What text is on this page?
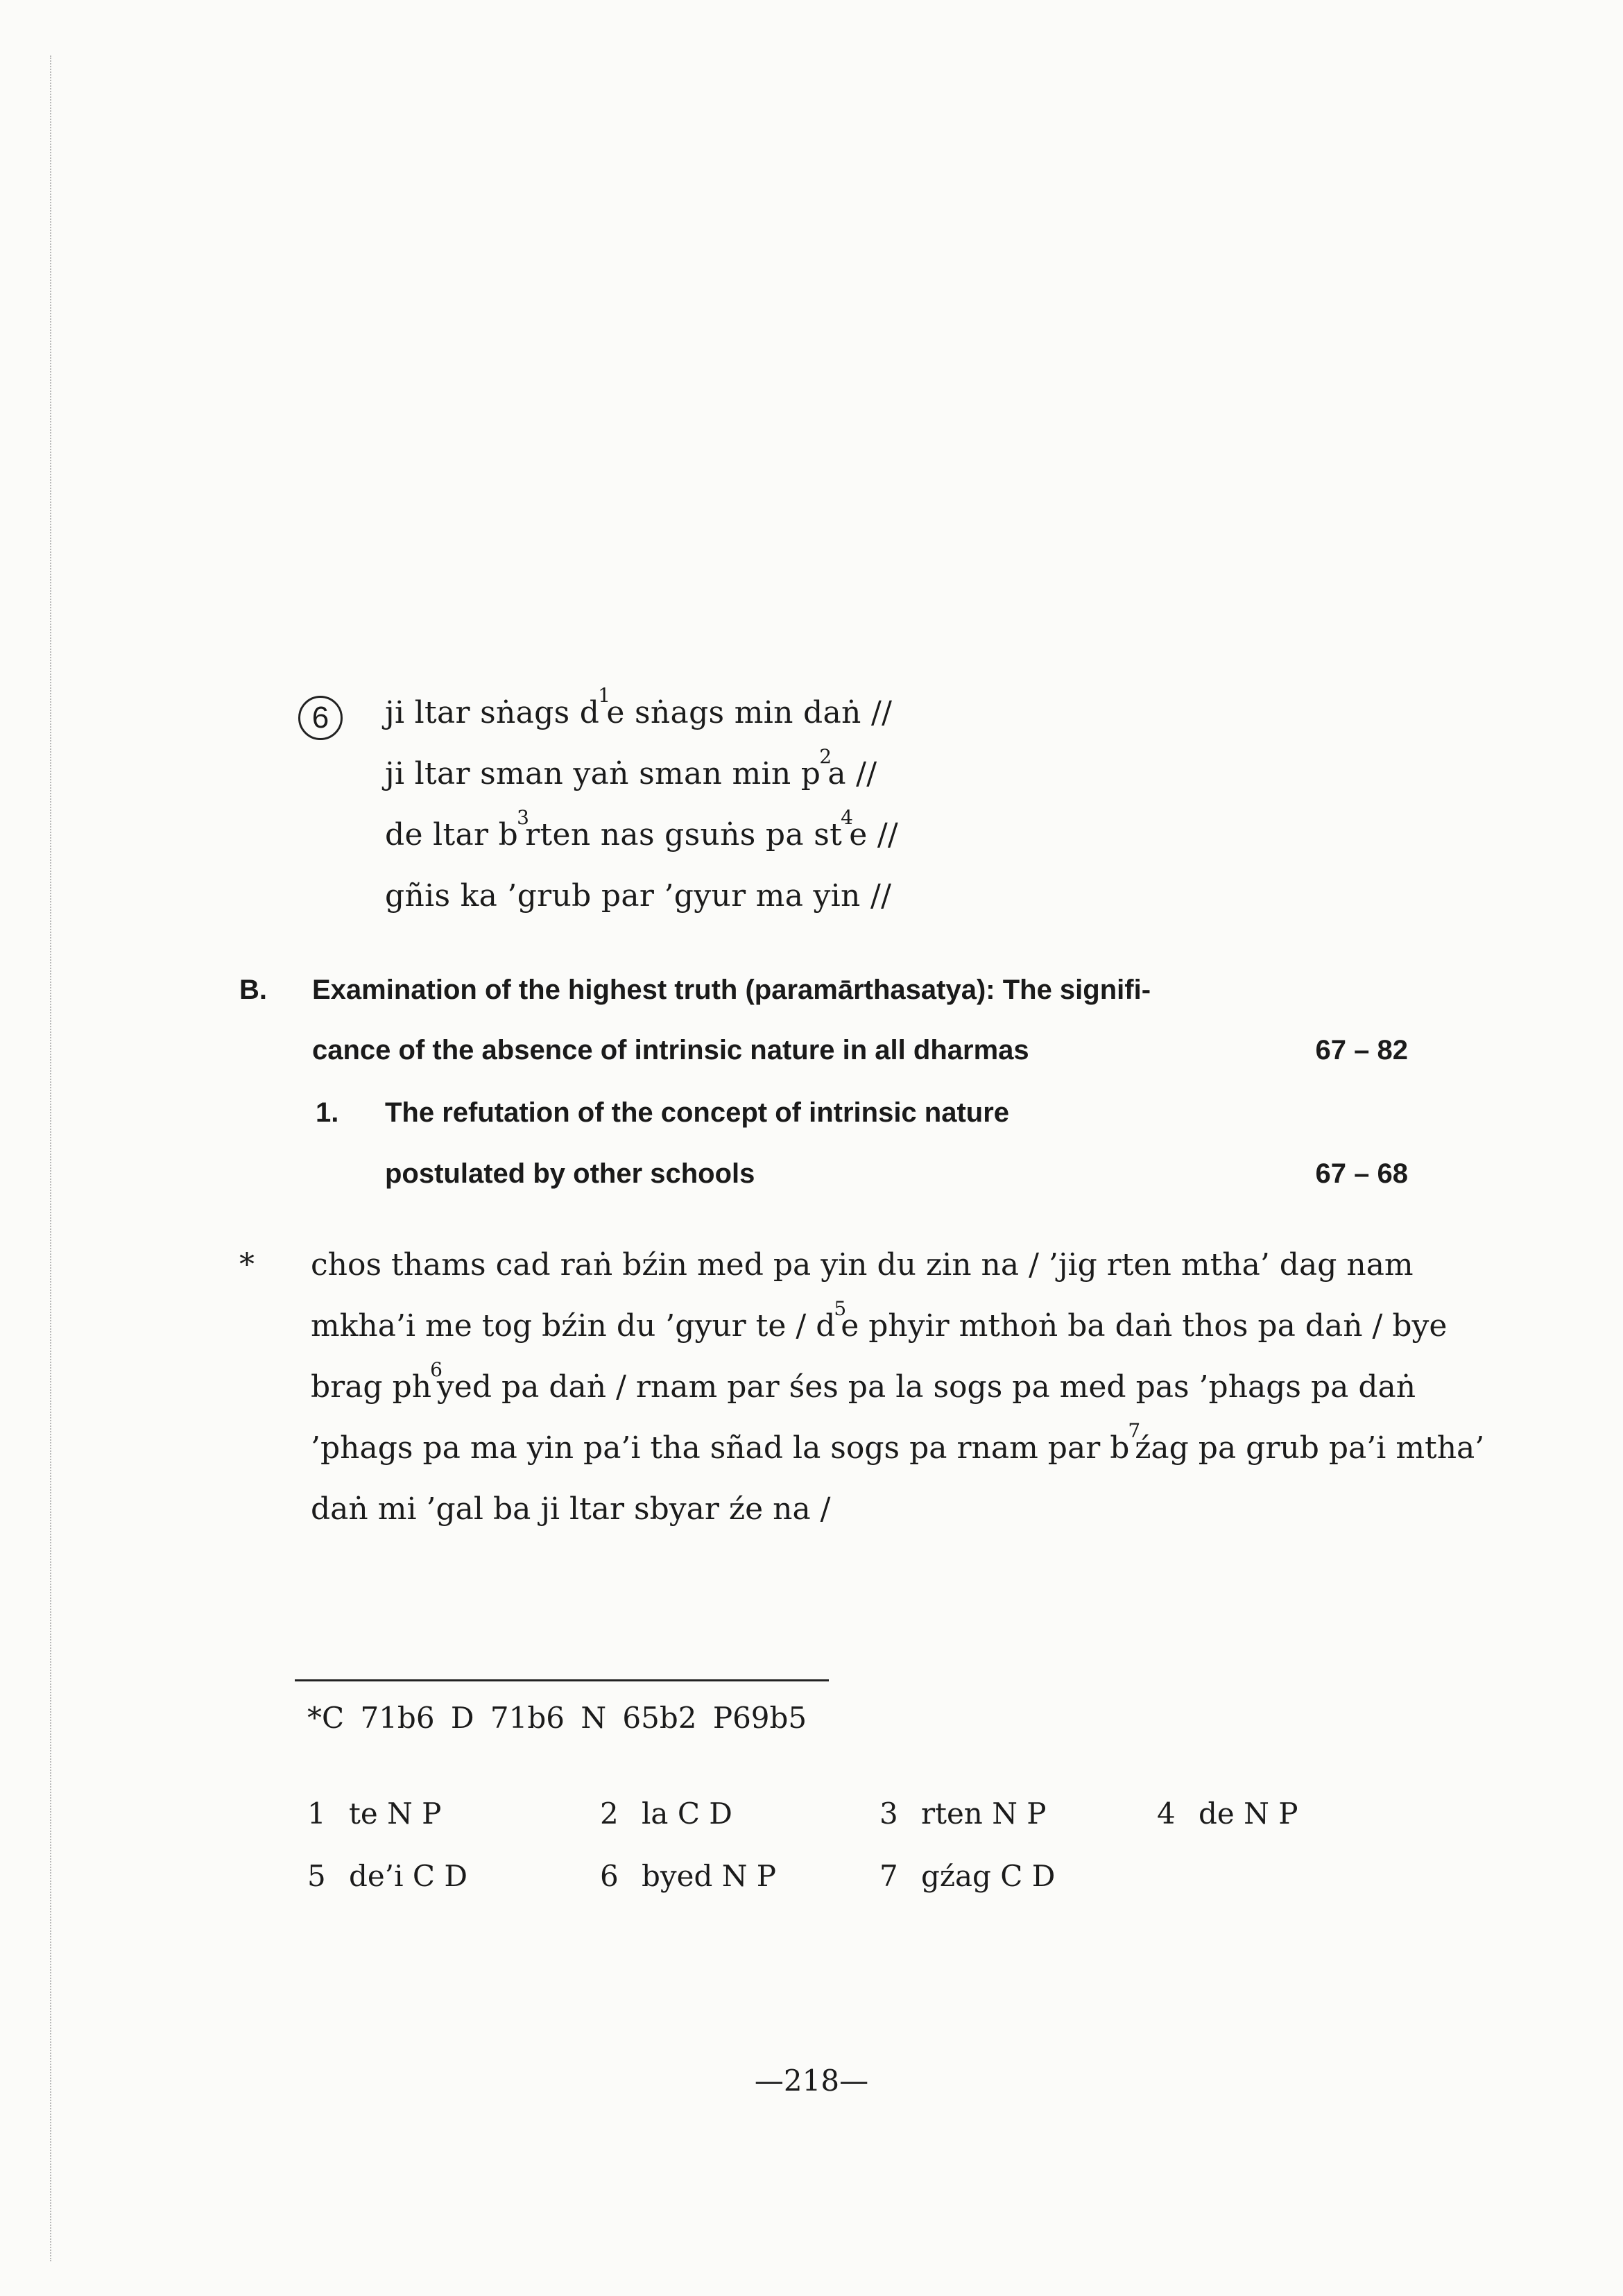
6	ji ltar sṅags d$^1$e sṅags min daṅ //
ji ltar sman yaṅ sman min p$^2$a //
de ltar b$^3$rten nas gsuṅs pa st$^4$e //
gñis ka ’grub par ’gyur ma yin //
B. Examination of the highest truth (paramārthasatya): The signifi-
cance of the absence of intrinsic nature in all dharmas	67 – 82
1. The refutation of the concept of intrinsic nature
postulated by other schools	67 – 68
* chos thams cad raṅ bźin med pa yin du zin na / ’jig rten mtha’ dag nam
mkha’i me tog bźin du ’gyur te / d$^5$e phyir mthoṅ ba daṅ thos pa daṅ / bye
brag ph$^6$yed pa daṅ / rnam par śes pa la sogs pa med pas ’phags pa daṅ
’phags pa ma yin pa’i tha sñad la sogs pa rnam par b$^7$źag pa grub pa’i mtha’
daṅ mi ’gal ba ji ltar sbyar źe na /
*C 71b6 D 71b6 N 65b2 P69b5
1 te N P	2 la C D	3 rten N P	4 de N P
5 de’i C D	6 byed N P	7 gźag C D
—218—
